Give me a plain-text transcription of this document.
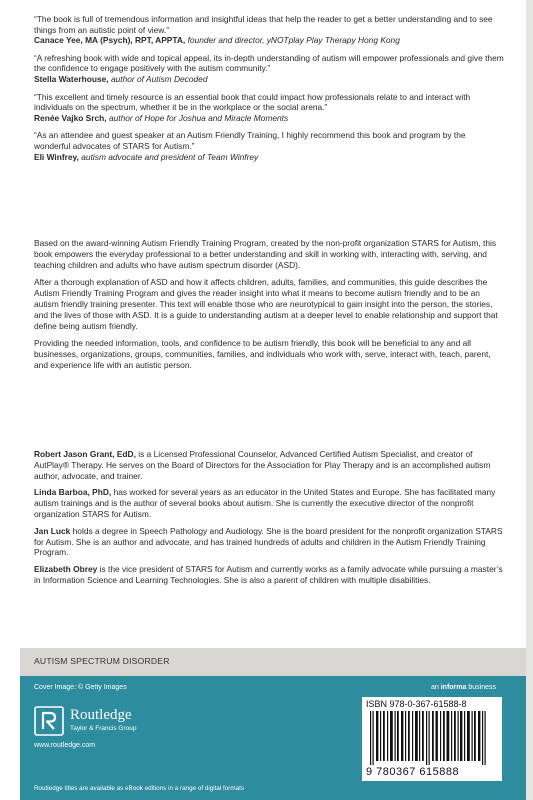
“The book is full of tremendous information and insightful ideas that help the reader to get a better understanding and to see things from an autistic point of view.”
Canace Yee, MA (Psych), RPT, APPTA, founder and director, yNOTplay Play Therapy Hong Kong
“A refreshing book with wide and topical appeal, its in-depth understanding of autism will empower professionals and give them the confidence to engage positively with the autism community.”
Stella Waterhouse, author of Autism Decoded
“This excellent and timely resource is an essential book that could impact how professionals relate to and interact with individuals on the spectrum, whether it be in the workplace or the social arena.”
Renée Vajko Srch, author of Hope for Joshua and Miracle Moments
“As an attendee and guest speaker at an Autism Friendly Training, I highly recommend this book and program by the wonderful advocates of STARS for Autism.”
Eli Winfrey, autism advocate and president of Team Winfrey

Based on the award-winning Autism Friendly Training Program, created by the non-profit organization STARS for Autism, this book empowers the everyday professional to a better understanding and skill in working with, interacting with, serving, and teaching children and adults who have autism spectrum disorder (ASD).

After a thorough explanation of ASD and how it affects children, adults, families, and communities, this guide describes the Autism Friendly Training Program and gives the reader insight into what it means to become autism friendly and to be an autism friendly training presenter. This text will enable those who are neurotypical to gain insight into the person, the stories, and the lives of those with ASD. It is a guide to understanding autism at a deeper level to enable relationship and support that define being autism friendly.

Providing the needed information, tools, and confidence to be autism friendly, this book will be beneficial to any and all businesses, organizations, groups, communities, families, and individuals who work with, serve, interact with, teach, parent, and experience life with an autistic person.

Robert Jason Grant, EdD, is a Licensed Professional Counselor, Advanced Certified Autism Specialist, and creator of AutPlay® Therapy. He serves on the Board of Directors for the Association for Play Therapy and is an accomplished autism author, advocate, and trainer.

Linda Barboa, PhD, has worked for several years as an educator in the United States and Europe. She has facilitated many autism trainings and is the author of several books about autism. She is currently the executive director of the nonprofit organization STARS for Autism.

Jan Luck holds a degree in Speech Pathology and Audiology. She is the board president for the nonprofit organization STARS for Autism. She is an author and advocate, and has trained hundreds of adults and children in the Autism Friendly Training Program.

Elizabeth Obrey is the vice president of STARS for Autism and currently works as a family advocate while pursuing a master’s in Information Science and Learning Technologies. She is also a parent of children with multiple disabilities.

AUTISM SPECTRUM DISORDER
Cover Image: © Getty Images	an informa business
Routledge
Taylor & Francis Group
www.routledge.com
Routledge titles are available as eBook editions in a range of digital formats
ISBN 978-0-367-61588-8
9 780367 615888
